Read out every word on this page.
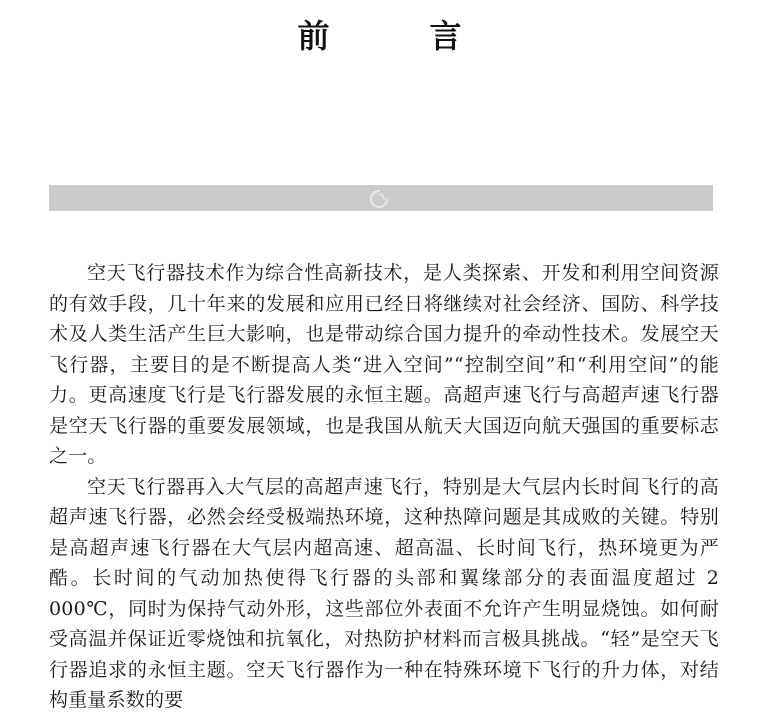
前　言

空天飞行器技术作为综合性高新技术，是人类探索、开发和利用空间资源的有效手段，几十年来的发展和应用已经日将继续对社会经济、国防、科学技术及人类生活产生巨大影响，也是带动综合国力提升的牵动性技术。发展空天飞行器，主要目的是不断提高人类“进入空间”“控制空间”和“利用空间”的能力。更高速度飞行是飞行器发展的永恒主题。高超声速飞行与高超声速飞行器是空天飞行器的重要发展领域，也是我国从航天大国迈向航天强国的重要标志之一。

空天飞行器再入大气层的高超声速飞行，特别是大气层内长时间飞行的高超声速飞行器，必然会经受极端热环境，这种热障问题是其成败的关键。特别是高超声速飞行器在大气层内超高速、超高温、长时间飞行，热环境更为严酷。长时间的气动加热使得飞行器的头部和翼缘部分的表面温度超过 2 000℃，同时为保持气动外形，这些部位外表面不允许产生明显烧蚀。如何耐受高温并保证近零烧蚀和抗氧化，对热防护材料而言极具挑战。“轻”是空天飞行器追求的永恒主题。空天飞行器作为一种在特殊环境下飞行的升力体，对结构重量系数的要
